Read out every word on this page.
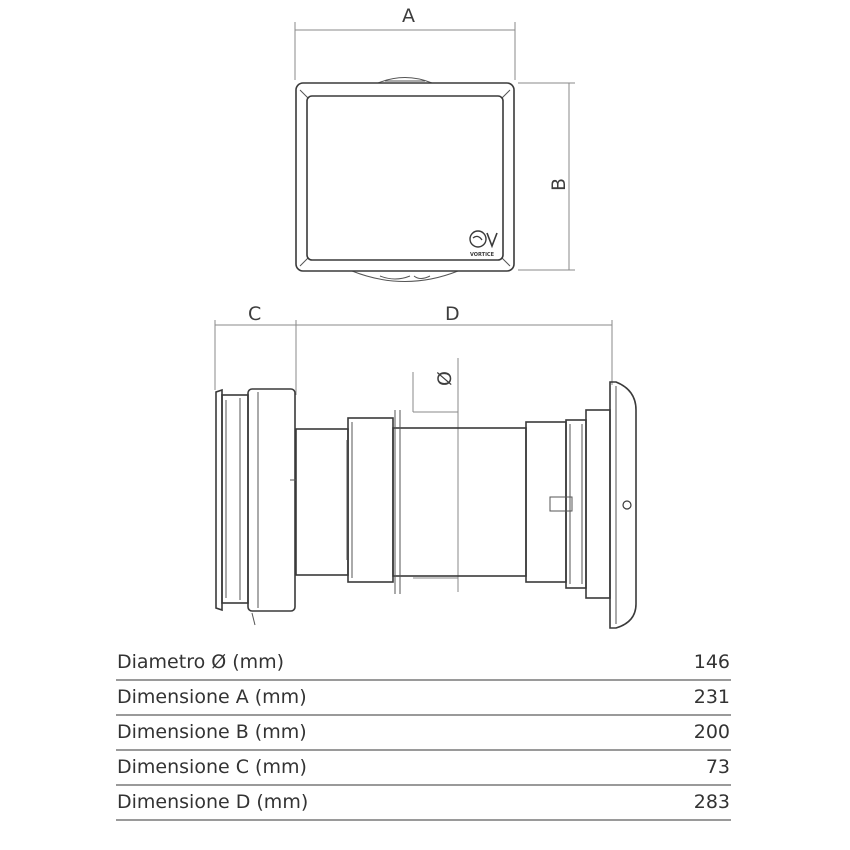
A
B
VORTICE
C	D
Ø
Diametro Ø (mm)	146
Dimensione A (mm)	231
Dimensione B (mm)	200
Dimensione C (mm)	73
Dimensione D (mm)	283
